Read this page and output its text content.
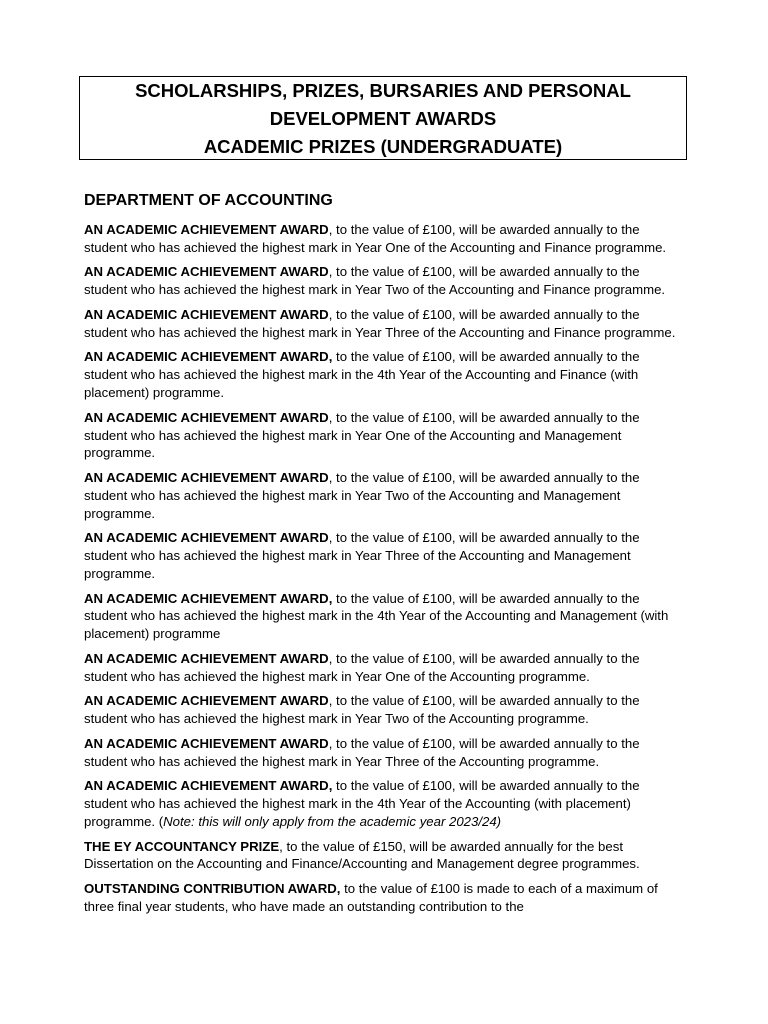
SCHOLARSHIPS, PRIZES, BURSARIES AND PERSONAL
DEVELOPMENT AWARDS
ACADEMIC PRIZES (UNDERGRADUATE)
DEPARTMENT OF ACCOUNTING

AN ACADEMIC ACHIEVEMENT AWARD, to the value of £100, will be awarded annually to the student who has achieved the highest mark in Year One of the Accounting and Finance programme.

AN ACADEMIC ACHIEVEMENT AWARD, to the value of £100, will be awarded annually to the student who has achieved the highest mark in Year Two of the Accounting and Finance programme.

AN ACADEMIC ACHIEVEMENT AWARD, to the value of £100, will be awarded annually to the student who has achieved the highest mark in Year Three of the Accounting and Finance programme.

AN ACADEMIC ACHIEVEMENT AWARD, to the value of £100, will be awarded annually to the student who has achieved the highest mark in the 4th Year of the Accounting and Finance (with placement) programme.

AN ACADEMIC ACHIEVEMENT AWARD, to the value of £100, will be awarded annually to the student who has achieved the highest mark in Year One of the Accounting and Management programme.

AN ACADEMIC ACHIEVEMENT AWARD, to the value of £100, will be awarded annually to the student who has achieved the highest mark in Year Two of the Accounting and Management programme.

AN ACADEMIC ACHIEVEMENT AWARD, to the value of £100, will be awarded annually to the student who has achieved the highest mark in Year Three of the Accounting and Management programme.

AN ACADEMIC ACHIEVEMENT AWARD, to the value of £100, will be awarded annually to the student who has achieved the highest mark in the 4th Year of the Accounting and Management (with placement) programme

AN ACADEMIC ACHIEVEMENT AWARD, to the value of £100, will be awarded annually to the student who has achieved the highest mark in Year One of the Accounting programme.

AN ACADEMIC ACHIEVEMENT AWARD, to the value of £100, will be awarded annually to the student who has achieved the highest mark in Year Two of the Accounting programme.

AN ACADEMIC ACHIEVEMENT AWARD, to the value of £100, will be awarded annually to the student who has achieved the highest mark in Year Three of the Accounting programme.

AN ACADEMIC ACHIEVEMENT AWARD, to the value of £100, will be awarded annually to the student who has achieved the highest mark in the 4th Year of the Accounting (with placement) programme. (Note: this will only apply from the academic year 2023/24)

THE EY ACCOUNTANCY PRIZE, to the value of £150, will be awarded annually for the best Dissertation on the Accounting and Finance/Accounting and Management degree programmes.

OUTSTANDING CONTRIBUTION AWARD, to the value of £100 is made to each of a maximum of three final year students, who have made an outstanding contribution to the
